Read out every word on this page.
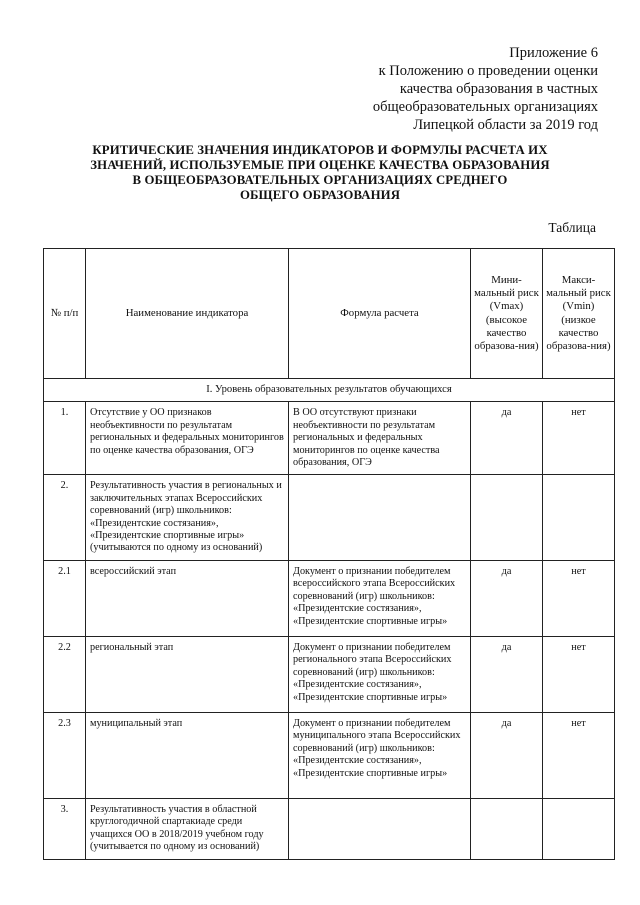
Приложение 6
к Положению о проведении оценки
качества образования в частных
общеобразовательных организациях
Липецкой области за 2019 год
КРИТИЧЕСКИЕ ЗНАЧЕНИЯ ИНДИКАТОРОВ И ФОРМУЛЫ РАСЧЕТА ИХ
ЗНАЧЕНИЙ, ИСПОЛЬЗУЕМЫЕ ПРИ ОЦЕНКЕ КАЧЕСТВА ОБРАЗОВАНИЯ
В ОБЩЕОБРАЗОВАТЕЛЬНЫХ ОРГАНИЗАЦИЯХ СРЕДНЕГО
ОБЩЕГО ОБРАЗОВАНИЯ
Таблица
№ п/п	Наименование индикатора	Формула расчета	Мини-мальный риск (Vmax) (высокое качество образова-ния)	Макси-мальный риск (Vmin) (низкое качество образова-ния)
I. Уровень образовательных результатов обучающихся				
1.	Отсутствие у ОО признаков необъективности по результатам региональных и федеральных мониторингов по оценке качества образования, ОГЭ	В ОО отсутствуют признаки необъективности по результатам региональных и федеральных мониторингов по оценке качества образования, ОГЭ	да	нет
2.	Результативность участия в региональных и заключительных этапах Всероссийских соревнований (игр) школьников: «Президентские состязания», «Президентские спортивные игры» (учитываются по одному из оснований)			
2.1	всероссийский этап	Документ о признании победителем всероссийского этапа Всероссийских соревнований (игр) школьников: «Президентские состязания», «Президентские спортивные игры»	да	нет
2.2	региональный этап	Документ о признании победителем регионального этапа Всероссийских соревнований (игр) школьников: «Президентские состязания», «Президентские спортивные игры»	да	нет
2.3	муниципальный этап	Документ о признании победителем муниципального этапа Всероссийских соревнований (игр) школьников: «Президентские состязания», «Президентские спортивные игры»	да	нет
3.	Результативность участия в областной круглогодичной спартакиаде среди учащихся ОО в 2018/2019 учебном году (учитывается по одному из оснований)			
